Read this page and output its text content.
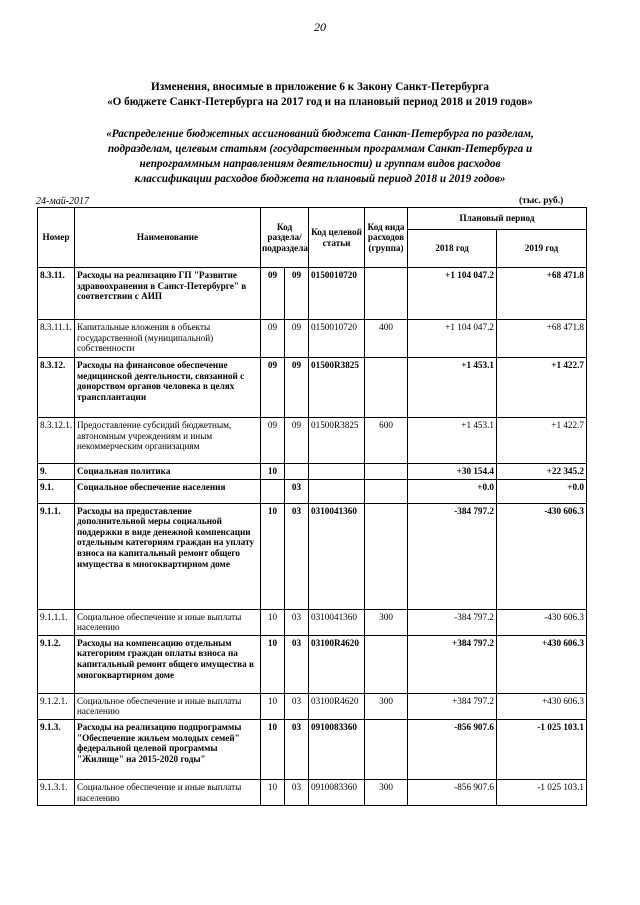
20
Изменения, вносимые в приложение 6 к Закону Санкт-Петербурга
«О бюджете Санкт-Петербурга на 2017 год и на плановый период 2018 и 2019 годов»
«Распределение бюджетных ассигнований бюджета Санкт-Петербурга по разделам,
подразделам, целевым статьям (государственным программам Санкт-Петербурга и
непрограммным направлениям деятельности) и группам видов расходов
классификации расходов бюджета на плановый период 2018 и 2019 годов»
24-май-2017	(тыс. руб.)
Номер	Наименование	Код раздела/ подраздела		Код целевой статьи	Код вида расходов (группа)	Плановый период	
						2018 год	2019 год
8.3.11.	Расходы на реализацию ГП "Развитие здравоохранения в Санкт-Петербурге" в соответствии с АИП	09	09	0150010720		+1 104 047.2	+68 471.8
8.3.11.1.	Капитальные вложения в объекты государственной (муниципальной) собственности	09	09	0150010720	400	+1 104 047.2	+68 471.8
8.3.12.	Расходы на финансовое обеспечение медицинской деятельности, связанной с донорством органов человека в целях трансплантации	09	09	01500R3825		+1 453.1	+1 422.7
8.3.12.1.	Предоставление субсидий бюджетным, автономным учреждениям и иным некоммерческим организациям	09	09	01500R3825	600	+1 453.1	+1 422.7
9.	Социальная политика	10				+30 154.4	+22 345.2
9.1.	Социальное обеспечение населения		03			+0.0	+0.0
9.1.1.	Расходы на предоставление дополнительной меры социальной поддержки в виде денежной компенсации отдельным категориям граждан на уплату взноса на капитальный ремонт общего имущества в многоквартирном доме	10	03	0310041360		-384 797.2	-430 606.3
9.1.1.1.	Социальное обеспечение и иные выплаты населению	10	03	0310041360	300	-384 797.2	-430 606.3
9.1.2.	Расходы на компенсацию отдельным категориям граждан оплаты взноса на капитальный ремонт общего имущества в многоквартирном доме	10	03	03100R4620		+384 797.2	+430 606.3
9.1.2.1.	Социальное обеспечение и иные выплаты населению	10	03	03100R4620	300	+384 797.2	+430 606.3
9.1.3.	Расходы на реализацию подпрограммы "Обеспечение жильем молодых семей" федеральной целевой программы "Жилище" на 2015-2020 годы"	10	03	0910083360		-856 907.6	-1 025 103.1
9.1.3.1.	Социальное обеспечение и иные выплаты населению	10	03	0910083360	300	-856 907.6	-1 025 103.1
